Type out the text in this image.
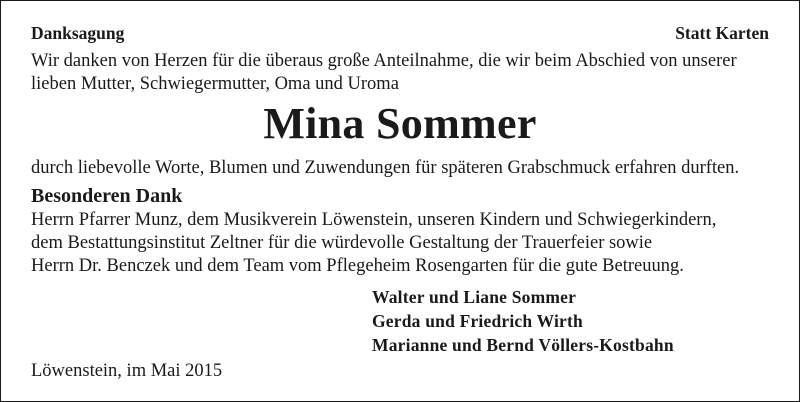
Danksagung	Statt Karten
Wir danken von Herzen für die überaus große Anteilnahme, die wir beim Abschied von unserer
lieben Mutter, Schwiegermutter, Oma und Uroma
Mina Sommer
durch liebevolle Worte, Blumen und Zuwendungen für späteren Grabschmuck erfahren durften.
Besonderen Dank
Herrn Pfarrer Munz, dem Musikverein Löwenstein, unseren Kindern und Schwiegerkindern,
dem Bestattungsinstitut Zeltner für die würdevolle Gestaltung der Trauerfeier sowie
Herrn Dr. Benczek und dem Team vom Pflegeheim Rosengarten für die gute Betreuung.
Walter und Liane Sommer
Gerda und Friedrich Wirth
Marianne und Bernd Völlers-Kostbahn
Löwenstein, im Mai 2015
